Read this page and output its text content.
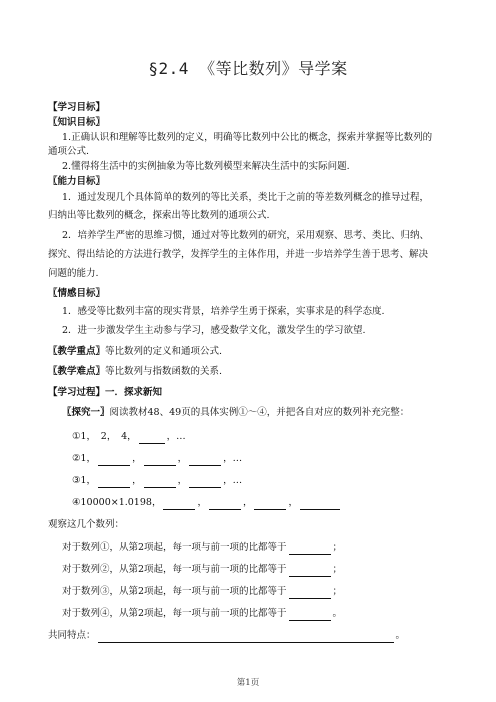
§2.4 《等比数列》导学案
【学习目标】
〖知识目标〗
1.正确认识和理解等比数列的定义，明确等比数列中公比的概念，探索并掌握等比数列的
通项公式.
2.懂得将生活中的实例抽象为等比数列模型来解决生活中的实际问题.
〖能力目标〗
1．通过发现几个具体简单的数列的等比关系，类比于之前的等差数列概念的推导过程，
归纳出等比数列的概念，探索出等比数列的通项公式.
2．培养学生严密的思维习惯，通过对等比数列的研究，采用观察、思考、类比、归纳、
探究、得出结论的方法进行教学，发挥学生的主体作用，并进一步培养学生善于思考、解决
问题的能力.
〖情感目标〗
1．感受等比数列丰富的现实背景，培养学生勇于探索，实事求是的科学态度.
2．进一步激发学生主动参与学习，感受数学文化，激发学生的学习欲望.
〖教学重点〗等比数列的定义和通项公式.
〖教学难点〗等比数列与指数函数的关系.
【学习过程】一．探求新知
〖探究一〗阅读教材48、49页的具体实例①～④，并把各自对应的数列补充完整：
①1，　2，　4，	，…
②1，	，	，	，…
③1，	，	，	，…
④10000×1.0198，	，	，	，
观察这几个数列：
对于数列①，从第2项起，每一项与前一项的比都等于	；
对于数列②，从第2项起，每一项与前一项的比都等于	；
对于数列③，从第2项起，每一项与前一项的比都等于	；
对于数列④，从第2项起，每一项与前一项的比都等于	。
共同特点：	。
第1页
